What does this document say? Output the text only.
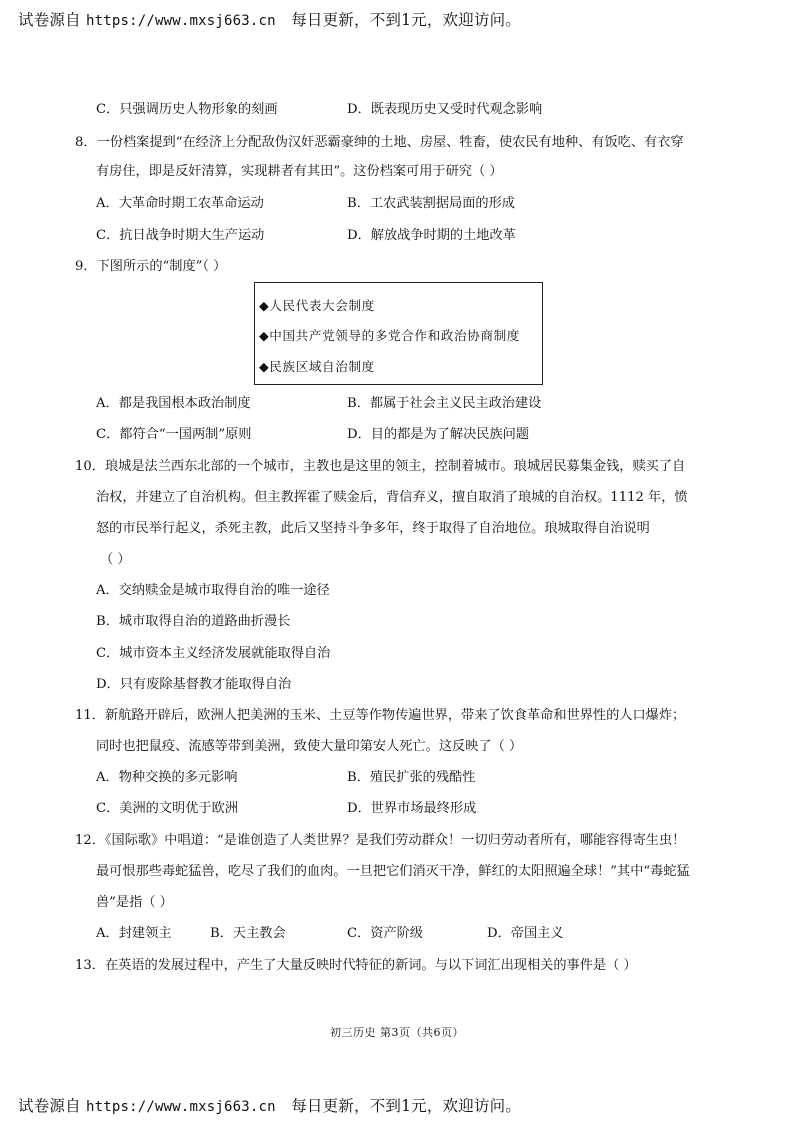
试卷源自 https://www.mxsj663.cn 每日更新，不到1元，欢迎访问。
C．只强调历史人物形象的刻画	D．既表现历史又受时代观念影响
8．一份档案提到“在经济上分配敌伪汉奸恶霸豪绅的土地、房屋、牲畜，使农民有地种、有饭吃、有衣穿
有房住，即是反奸清算，实现耕者有其田”。这份档案可用于研究（ ）
A．大革命时期工农革命运动	B．工农武装割据局面的形成
C．抗日战争时期大生产运动	D．解放战争时期的土地改革
9．下图所示的“制度”（ ）
◆人民代表大会制度
◆中国共产党领导的多党合作和政治协商制度
◆民族区域自治制度
A．都是我国根本政治制度	B．都属于社会主义民主政治建设
C．都符合“一国两制”原则	D．目的都是为了解决民族问题
10．琅城是法兰西东北部的一个城市，主教也是这里的领主，控制着城市。琅城居民募集金钱，赎买了自
治权，并建立了自治机构。但主教挥霍了赎金后，背信弃义，擅自取消了琅城的自治权。1112 年，愤
怒的市民举行起义，杀死主教，此后又坚持斗争多年，终于取得了自治地位。琅城取得自治说明
（ ）
A．交纳赎金是城市取得自治的唯一途径
B．城市取得自治的道路曲折漫长
C．城市资本主义经济发展就能取得自治
D．只有废除基督教才能取得自治
11．新航路开辟后，欧洲人把美洲的玉米、土豆等作物传遍世界，带来了饮食革命和世界性的人口爆炸；
同时也把鼠疫、流感等带到美洲，致使大量印第安人死亡。这反映了（ ）
A．物种交换的多元影响	B．殖民扩张的残酷性
C．美洲的文明优于欧洲	D．世界市场最终形成
12．《国际歌》中唱道：“是谁创造了人类世界？是我们劳动群众！一切归劳动者所有，哪能容得寄生虫！
最可恨那些毒蛇猛兽，吃尽了我们的血肉。一旦把它们消灭干净，鲜红的太阳照遍全球！”其中“毒蛇猛
兽”是指（ ）
A．封建领主	B．天主教会	C．资产阶级	D．帝国主义
13．在英语的发展过程中，产生了大量反映时代特征的新词。与以下词汇出现相关的事件是（ ）
初三历史 第3页（共6页）
试卷源自 https://www.mxsj663.cn 每日更新，不到1元，欢迎访问。
